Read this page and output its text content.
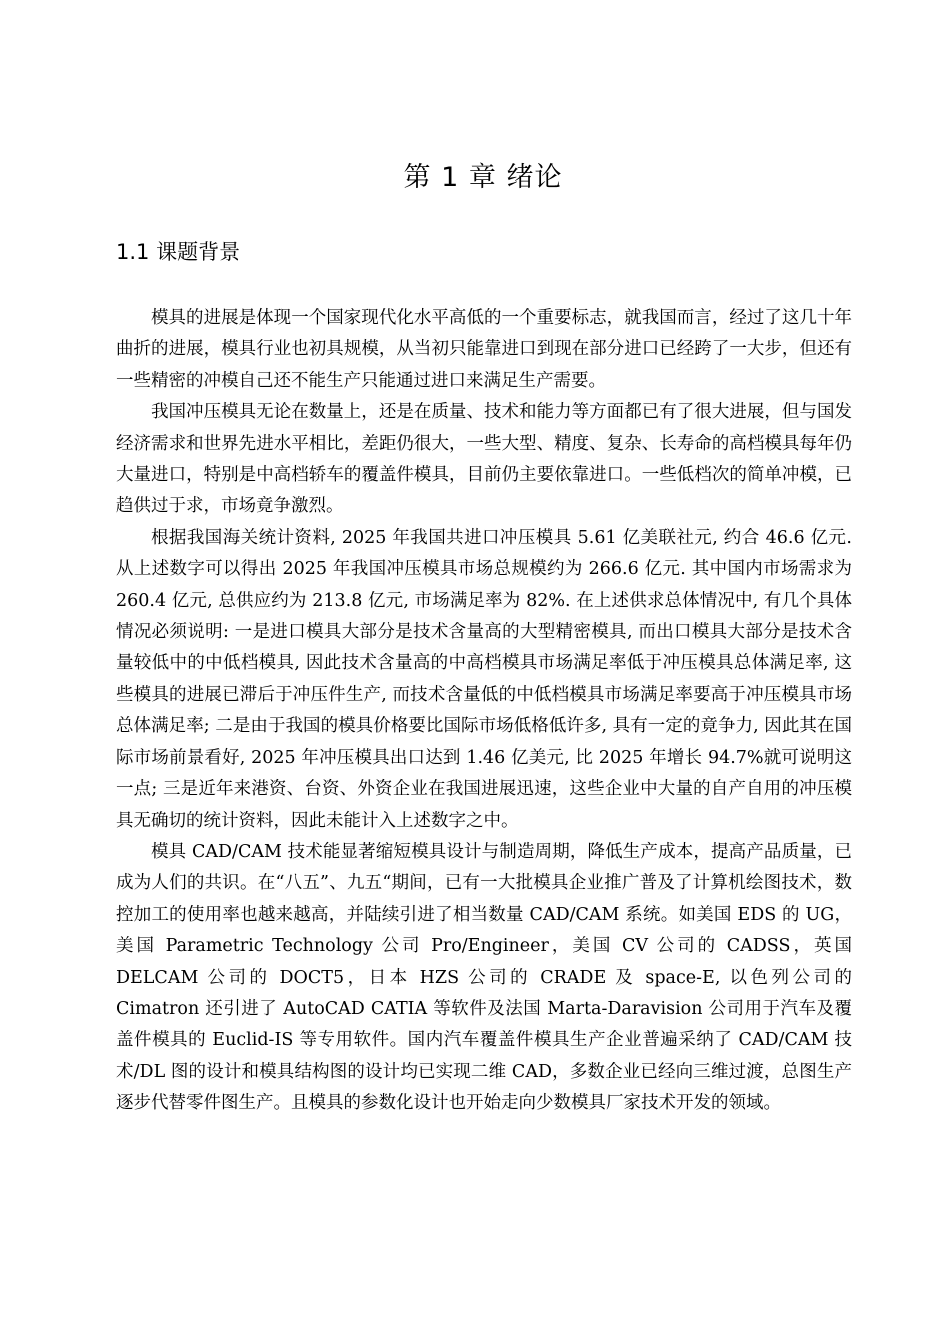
第 1 章 绪论
1.1 课题背景

模具的进展是体现一个国家现代化水平高低的一个重要标志，就我国而言，经过了这几十年曲折的进展，模具行业也初具规模，从当初只能靠进口到现在部分进口已经跨了一大步，但还有一些精密的冲模自己还不能生产只能通过进口来满足生产需要。

我国冲压模具无论在数量上，还是在质量、技术和能力等方面都已有了很大进展，但与国发经济需求和世界先进水平相比，差距仍很大，一些大型、精度、复杂、长寿命的高档模具每年仍大量进口，特别是中高档轿车的覆盖件模具，目前仍主要依靠进口。一些低档次的简单冲模，已趋供过于求，市场竟争激烈。

根据我国海关统计资料, 2025 年我国共进口冲压模具 5.61 亿美联社元, 约合 46.6 亿元. 从上述数字可以得出 2025 年我国冲压模具市场总规模约为 266.6 亿元. 其中国内市场需求为 260.4 亿元, 总供应约为 213.8 亿元, 市场满足率为 82%. 在上述供求总体情况中, 有几个具体情况必须说明: 一是进口模具大部分是技术含量高的大型精密模具, 而出口模具大部分是技术含量较低中的中低档模具, 因此技术含量高的中高档模具市场满足率低于冲压模具总体满足率, 这些模具的进展已滞后于冲压件生产, 而技术含量低的中低档模具市场满足率要高于冲压模具市场总体满足率; 二是由于我国的模具价格要比国际市场低格低许多, 具有一定的竟争力, 因此其在国际市场前景看好, 2025 年冲压模具出口达到 1.46 亿美元, 比 2025 年增长 94.7%就可说明这一点; 三是近年来港资、台资、外资企业在我国进展迅速，这些企业中大量的自产自用的冲压模具无确切的统计资料，因此未能计入上述数字之中。

模具 CAD/CAM 技术能显著缩短模具设计与制造周期，降低生产成本，提高产品质量，已成为人们的共识。在“八五”、九五“期间，已有一大批模具企业推广普及了计算机绘图技术，数控加工的使用率也越来越高，并陆续引进了相当数量 CAD/CAM 系统。如美国 EDS 的 UG，美国 Parametric Technology 公司 Pro/Engineer，美国 CV 公司的 CADSS，英国 DELCAM 公司的 DOCT5，日本 HZS 公司的 CRADE 及 space-E, 以色列公司的 Cimatron 还引进了 AutoCAD CATIA 等软件及法国 Marta-Daravision 公司用于汽车及覆盖件模具的 Euclid-IS 等专用软件。国内汽车覆盖件模具生产企业普遍采纳了 CAD/CAM 技术/DL 图的设计和模具结构图的设计均已实现二维 CAD，多数企业已经向三维过渡，总图生产逐步代替零件图生产。且模具的参数化设计也开始走向少数模具厂家技术开发的领域。
